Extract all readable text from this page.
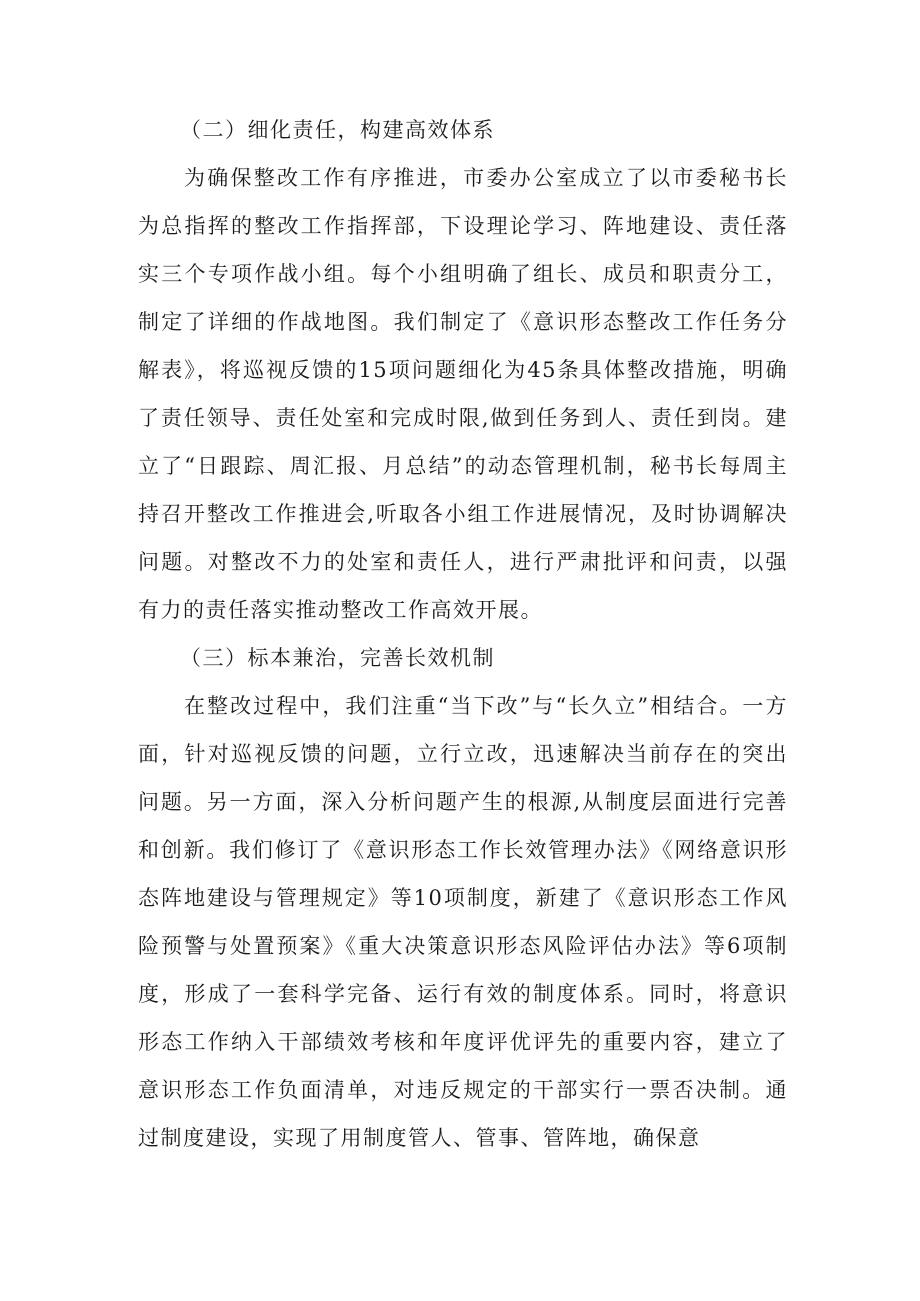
（二）细化责任，构建高效体系

为确保整改工作有序推进，市委办公室成立了以市委秘书长为总指挥的整改工作指挥部，下设理论学习、阵地建设、责任落实三个专项作战小组。每个小组明确了组长、成员和职责分工，制定了详细的作战地图。我们制定了《意识形态整改工作任务分解表》，将巡视反馈的15项问题细化为45条具体整改措施，明确了责任领导、责任处室和完成时限,做到任务到人、责任到岗。建立了“日跟踪、周汇报、月总结”的动态管理机制，秘书长每周主持召开整改工作推进会,听取各小组工作进展情况，及时协调解决问题。对整改不力的处室和责任人，进行严肃批评和问责，以强有力的责任落实推动整改工作高效开展。

（三）标本兼治，完善长效机制

在整改过程中，我们注重“当下改”与“长久立”相结合。一方面，针对巡视反馈的问题，立行立改，迅速解决当前存在的突出问题。另一方面，深入分析问题产生的根源,从制度层面进行完善和创新。我们修订了《意识形态工作长效管理办法》《网络意识形态阵地建设与管理规定》等10项制度，新建了《意识形态工作风险预警与处置预案》《重大决策意识形态风险评估办法》等6项制度，形成了一套科学完备、运行有效的制度体系。同时，将意识形态工作纳入干部绩效考核和年度评优评先的重要内容，建立了意识形态工作负面清单，对违反规定的干部实行一票否决制。通过制度建设，实现了用制度管人、管事、管阵地，确保意
